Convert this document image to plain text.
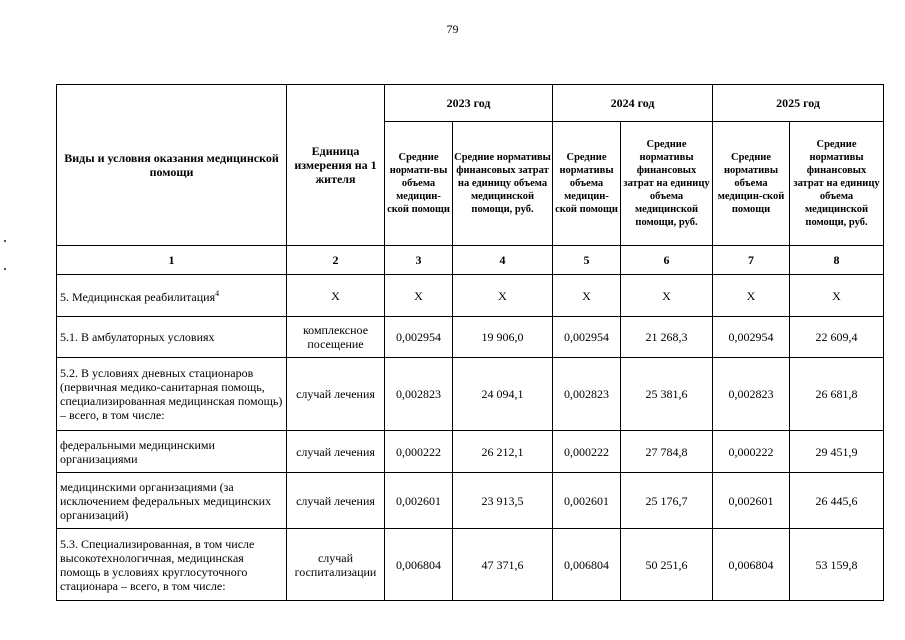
79
Виды и условия оказания медицинской помощи	Единица измерения на 1 жителя	2023 год		2024 год		2025 год	
		Средние нормати-вы объема медицин-ской помощи	Средние нормативы финансовых затрат на единицу объема медицинской помощи, руб.	Средние нормативы объема медицин-ской помощи	Средние нормативы финансовых затрат на единицу объема медицинской помощи, руб.	Средние нормативы объема медицин-ской помощи	Средние нормативы финансовых затрат на единицу объема медицинской помощи, руб.
1	2	3	4	5	6	7	8
5. Медицинская реабилитация$^4$	Х	Х	Х	Х	Х	Х	Х
5.1. В амбулаторных условиях	комплексное посещение	0,002954	19 906,0	0,002954	21 268,3	0,002954	22 609,4
5.2. В условиях дневных стационаров (первичная медико-санитарная помощь, специализированная медицинская помощь) – всего, в том числе:	случай лечения	0,002823	24 094,1	0,002823	25 381,6	0,002823	26 681,8
федеральными медицинскими организациями	случай лечения	0,000222	26 212,1	0,000222	27 784,8	0,000222	29 451,9
медицинскими организациями (за исключением федеральных медицинских организаций)	случай лечения	0,002601	23 913,5	0,002601	25 176,7	0,002601	26 445,6
5.3. Специализированная, в том числе высокотехнологичная, медицинская помощь в условиях круглосуточного стационара – всего, в том числе:	случай госпитализации	0,006804	47 371,6	0,006804	50 251,6	0,006804	53 159,8
